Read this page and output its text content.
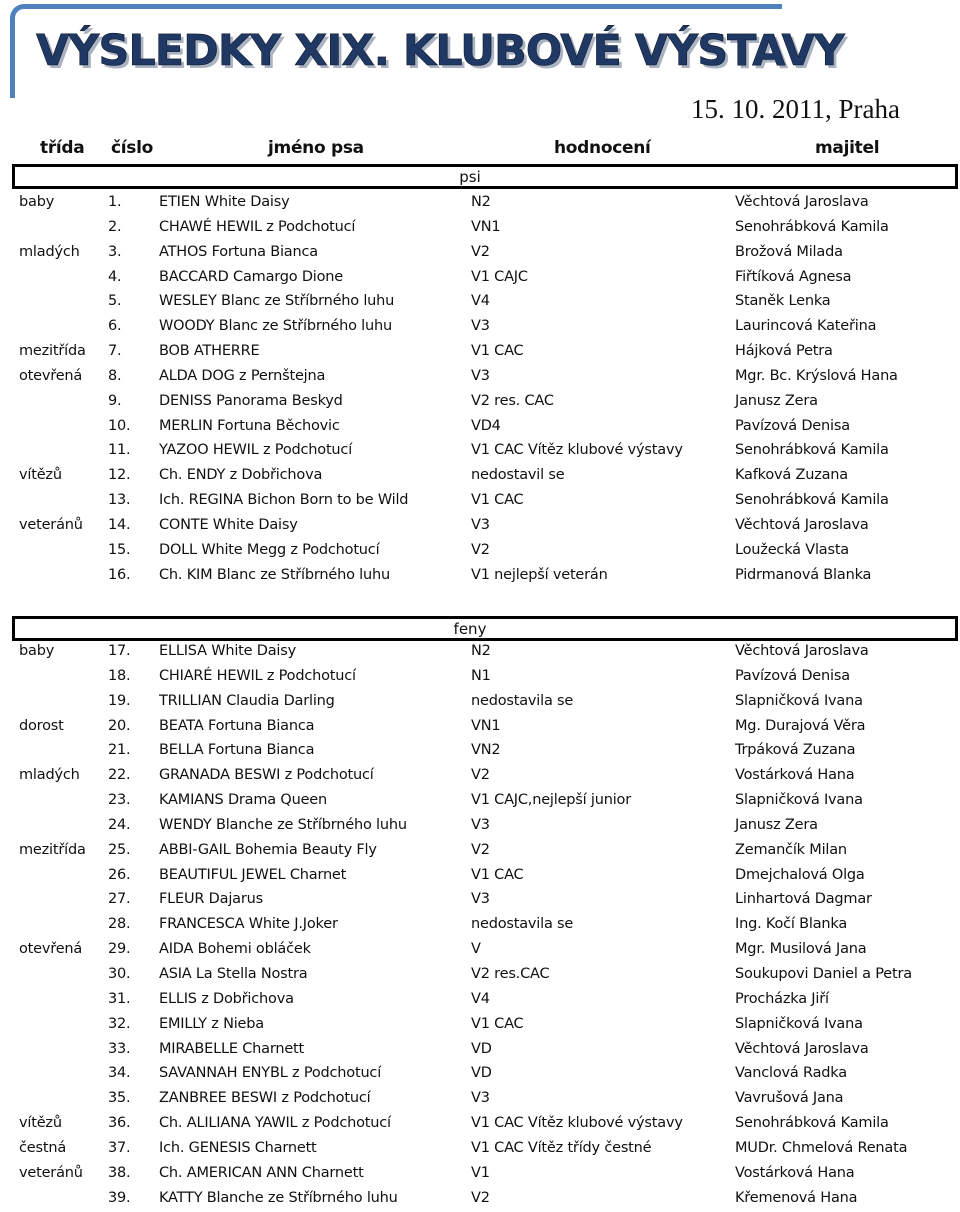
VÝSLEDKY XIX. KLUBOVÉ VÝSTAVY
15. 10. 2011, Praha
třída číslo	jméno psa	hodnocení	majitel
psi
baby	1.	ETIEN White Daisy	N2	Věchtová Jaroslava
2.	CHAWÉ HEWIL z Podchotucí	VN1	Senohrábková Kamila
mladých 3.	ATHOS Fortuna Bianca	V2	Brožová Milada
4.	BACCARD Camargo Dione	V1 CAJC	Fiřtíková Agnesa
5.	WESLEY Blanc ze Stříbrného luhu	V4	Staněk Lenka
6.	WOODY Blanc ze Stříbrného luhu	V3	Laurincová Kateřina
mezitřída 7.	BOB ATHERRE	V1 CAC	Hájková Petra
otevřená 8.	ALDA DOG z Pernštejna	V3	Mgr. Bc. Krýslová Hana
9.	DENISS Panorama Beskyd	V2 res. CAC	Janusz Zera
10. MERLIN Fortuna Běchovic	VD4	Pavízová Denisa
11. YAZOO HEWIL z Podchotucí	V1 CAC Vítěz klubové výstavy	Senohrábková Kamila
vítězů	12. Ch. ENDY z Dobřichova	nedostavil se	Kafková Zuzana
13. Ich. REGINA Bichon Born to be Wild	V1 CAC	Senohrábková Kamila
veteránů 14. CONTE White Daisy	V3	Věchtová Jaroslava
15. DOLL White Megg z Podchotucí	V2	Loužecká Vlasta
16. Ch. KIM Blanc ze Stříbrného luhu	V1 nejlepší veterán	Pidrmanová Blanka
feny
baby	17. ELLISA White Daisy	N2	Věchtová Jaroslava
18. CHIARÉ HEWIL z Podchotucí	N1	Pavízová Denisa
19. TRILLIAN Claudia Darling	nedostavila se	Slapničková Ivana
dorost	20. BEATA Fortuna Bianca	VN1	Mg. Durajová Věra
21. BELLA Fortuna Bianca	VN2	Trpáková Zuzana
mladých 22. GRANADA BESWI z Podchotucí	V2	Vostárková Hana
23. KAMIANS Drama Queen	V1 CAJC,nejlepší junior	Slapničková Ivana
24. WENDY Blanche ze Stříbrného luhu	V3	Janusz Zera
mezitřída 25. ABBI-GAIL Bohemia Beauty Fly	V2	Zemančík Milan
26. BEAUTIFUL JEWEL Charnet	V1 CAC	Dmejchalová Olga
27. FLEUR Dajarus	V3	Linhartová Dagmar
28. FRANCESCA White J.Joker	nedostavila se	Ing. Kočí Blanka
otevřená 29. AIDA Bohemi obláček	V	Mgr. Musilová Jana
30. ASIA La Stella Nostra	V2 res.CAC	Soukupovi Daniel a Petra
31. ELLIS z Dobřichova	V4	Procházka Jiří
32. EMILLY z Nieba	V1 CAC	Slapničková Ivana
33. MIRABELLE Charnett	VD	Věchtová Jaroslava
34. SAVANNAH ENYBL z Podchotucí	VD	Vanclová Radka
35. ZANBREE BESWI z Podchotucí	V3	Vavrušová Jana
vítězů	36. Ch. ALILIANA YAWIL z Podchotucí	V1 CAC Vítěz klubové výstavy	Senohrábková Kamila
čestná	37. Ich. GENESIS Charnett	V1 CAC Vítěz třídy čestné	MUDr. Chmelová Renata
veteránů 38. Ch. AMERICAN ANN Charnett	V1	Vostárková Hana
39. KATTY Blanche ze Stříbrného luhu	V2	Křemenová Hana
